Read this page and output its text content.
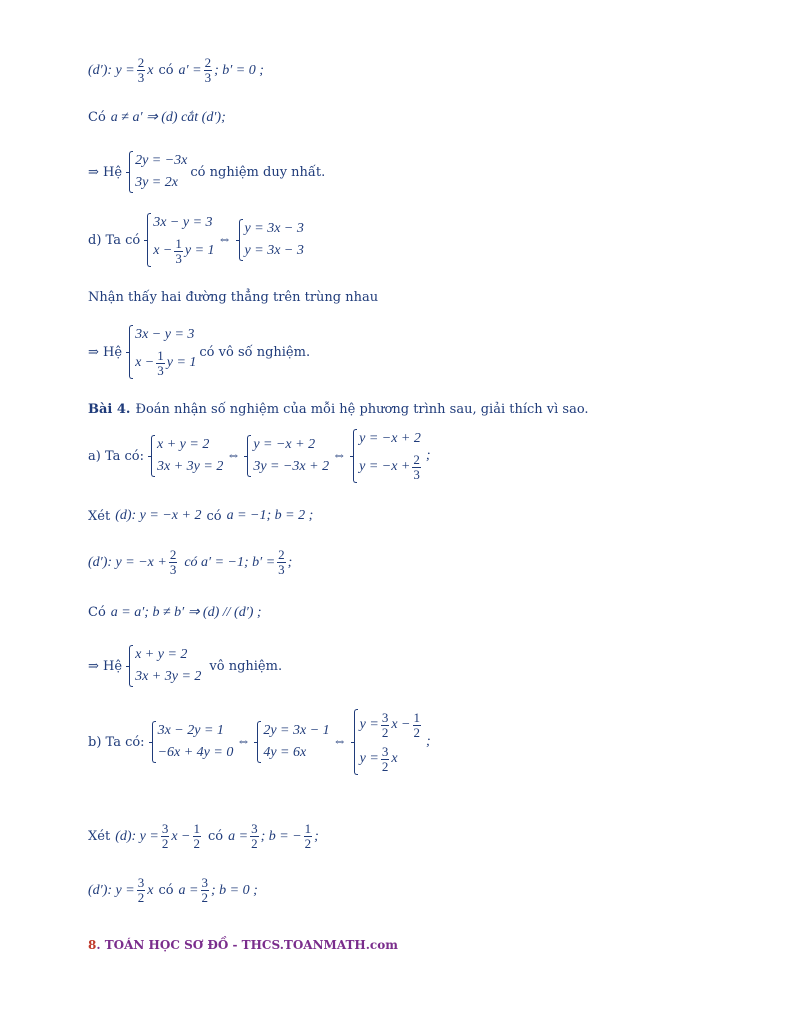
(d′): $y = \frac{2}{3}$ x có $a' = \frac{2}{3}$ ; b′ = 0 ;
Có a ≠ a′ ⇒ (d) cắt (d′);
⇒ Hệ
2y = −3x
3y = 2x
có nghiệm duy nhất.
d) Ta có
3x − y = 3
$x - \frac{1}{3}$ y = 1
⇔
y = 3x − 3
y = 3x − 3
Nhận thấy hai đường thẳng trên trùng nhau
⇒ Hệ
3x − y = 3
$x - \frac{1}{3}$ y = 1
có vô số nghiệm.
Bài 4. Đoán nhận số nghiệm của mỗi hệ phương trình sau, giải thích vì sao.
a) Ta có:
x + y = 2
3x + 3y = 2
⇔
y = −x + 2
3y = −3x + 2
⇔
y = −x + 2
$y = -x + \frac{2}{3}$ ;
Xét (d): y = −x + 2 có a = −1; b = 2 ;
(d′): $y = -x + \frac{2}{3}$ có a′ = −1; $b' = \frac{2}{3}$ ;
Có a = a′; b ≠ b′ ⇒ (d) // (d′) ;
⇒ Hệ
x + y = 2
3x + 3y = 2
vô nghiệm.
b) Ta có:
3x − 2y = 1
−6x + 4y = 0
⇔
2y = 3x − 1
4y = 6x
⇔
$y = \frac{3}{2}$ $x - \frac{1}{2}$
$y = \frac{3}{2}$ x
;
Xét (d): $y = \frac{3}{2}$ $x - \frac{1}{2}$ có $a = \frac{3}{2}$ ; b = − $\frac{1}{2}$ ;
(d′): $y = \frac{3}{2}$ x có $a = \frac{3}{2}$ ; b = 0 ;
8. TOÁN HỌC SƠ ĐỒ - THCS.TOANMATH.com
